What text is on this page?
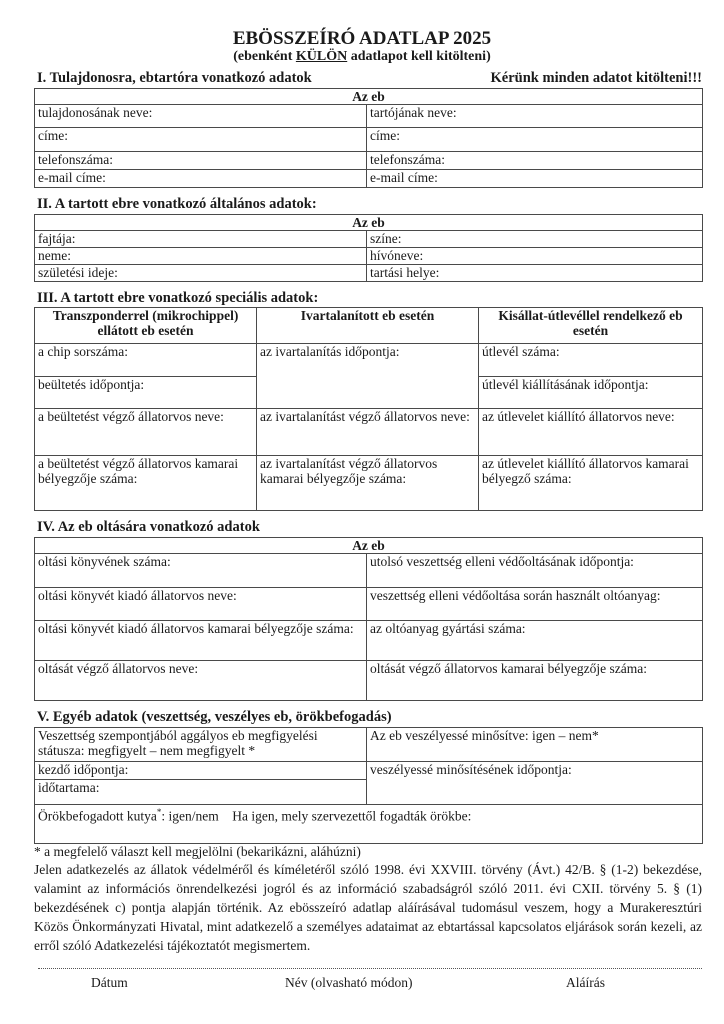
EBÖSSZEÍRÓ ADATLAP 2025
(ebenként KÜLÖN adatlapot kell kitölteni)
I. Tulajdonosra, ebtartóra vonatkozó adatok	Kérünk minden adatot kitölteni!!!
Az eb	
tulajdonosának neve:	tartójának neve:
címe:	címe:
telefonszáma:	telefonszáma:
e-mail címe:	e-mail címe:
II. A tartott ebre vonatkozó általános adatok:
Az eb	
fajtája:	színe:
neme:	hívóneve:
születési ideje:	tartási helye:
III. A tartott ebre vonatkozó speciális adatok:
Transzponderrel (mikrochippel) ellátott eb esetén	Ivartalanított eb esetén	Kisállat-útlevéllel rendelkező eb esetén
a chip sorszáma:	az ivartalanítás időpontja:	útlevél száma:
beültetés időpontja:		útlevél kiállításának időpontja:
a beültetést végző állatorvos neve:	az ivartalanítást végző állatorvos neve:	az útlevelet kiállító állatorvos neve:
a beültetést végző állatorvos kamarai bélyegzője száma:	az ivartalanítást végző állatorvos kamarai bélyegzője száma:	az útlevelet kiállító állatorvos kamarai bélyegző száma:
IV. Az eb oltására vonatkozó adatok
Az eb	
oltási könyvének száma:	utolsó veszettség elleni védőoltásának időpontja:
oltási könyvét kiadó állatorvos neve:	veszettség elleni védőoltása során használt oltóanyag:
oltási könyvét kiadó állatorvos kamarai bélyegzője száma:	az oltóanyag gyártási száma:
oltását végző állatorvos neve:	oltását végző állatorvos kamarai bélyegzője száma:
V. Egyéb adatok (veszettség, veszélyes eb, örökbefogadás)
Veszettség szempontjából aggályos eb megfigyelési státusza: megfigyelt – nem megfigyelt *	Az eb veszélyessé minősítve: igen – nem*
kezdő időpontja:	veszélyessé minősítésének időpontja:
időtartama:	
Örökbefogadott kutya*: igen/nem    Ha igen, mely szervezettől fogadták örökbe:	
* a megfelelő választ kell megjelölni (bekarikázni, aláhúzni)
Jelen adatkezelés az állatok védelméről és kíméletéről szóló 1998. évi XXVIII. törvény (Ávt.) 42/B. § (1-2) bekezdése, valamint az információs önrendelkezési jogról és az információ szabadságról szóló 2011. évi CXII. törvény 5. § (1) bekezdésének c) pontja alapján történik. Az ebösszeíró adatlap aláírásával tudomásul veszem, hogy a Murakeresztúri Közös Önkormányzati Hivatal, mint adatkezelő a személyes adataimat az ebtartással kapcsolatos eljárások során kezeli, az erről szóló Adatkezelési tájékoztatót megismertem.
Dátum	Név (olvasható módon)	Aláírás
